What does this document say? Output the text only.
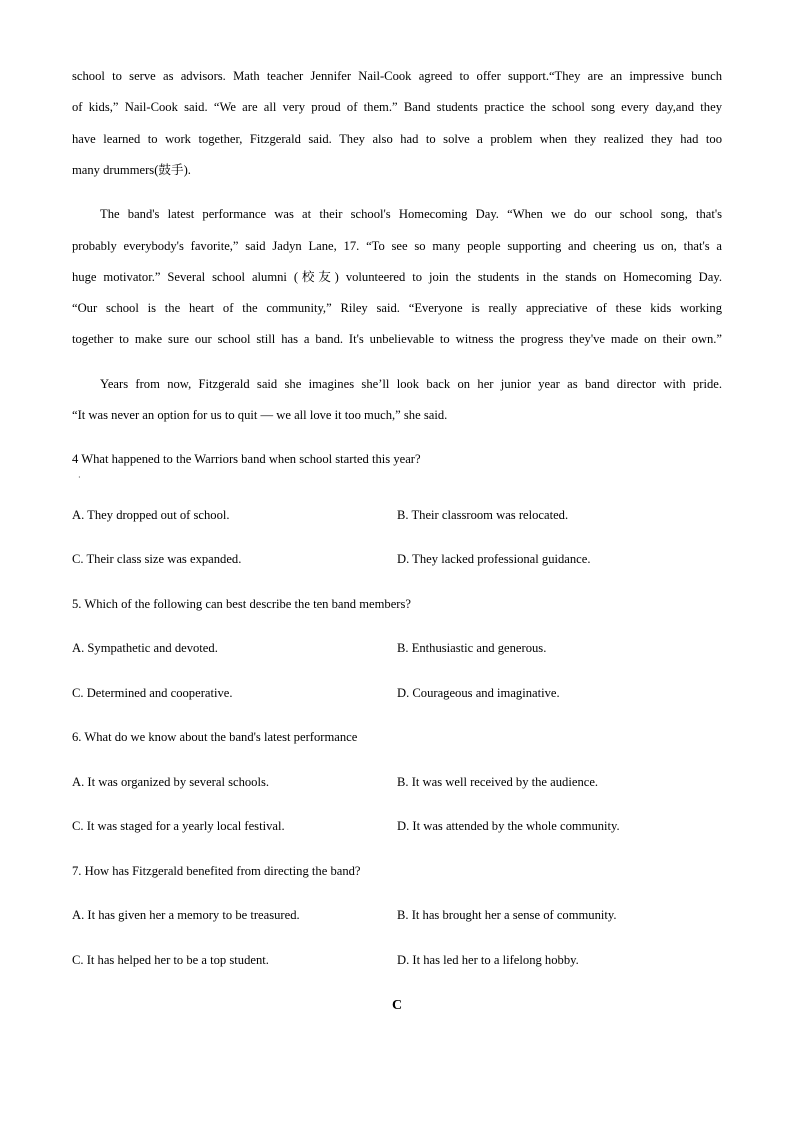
school to serve as advisors. Math teacher Jennifer Nail-Cook agreed to offer support.“They are an impressive bunch
of kids,” Nail-Cook said. “We are all very proud of them.” Band students practice the school song every day,and they
have learned to work together, Fitzgerald said. They also had to solve a problem when they realized they had too
many drummers(鼓手).
The band's latest performance was at their school's Homecoming Day. “When we do our school song, that's
probably everybody's favorite,” said Jadyn Lane, 17. “To see so many people supporting and cheering us on, that's a
huge motivator.” Several school alumni (校友) volunteered to join the students in the stands on Homecoming Day.
“Our school is the heart of the community,” Riley said. “Everyone is really appreciative of these kids working
together to make sure our school still has a band. It's unbelievable to witness the progress they've made on their own.”
Years from now, Fitzgerald said she imagines she’ll look back on her junior year as band director with pride.
“It was never an option for us to quit — we all love it too much,” she said.
4 What happened to the Warriors band when school started this year?
·
A. They dropped out of school.	B. Their classroom was relocated.
C. Their class size was expanded.	D. They lacked professional guidance.
5. Which of the following can best describe the ten band members?
A. Sympathetic and devoted.	B. Enthusiastic and generous.
C. Determined and cooperative.	D. Courageous and imaginative.
6. What do we know about the band's latest performance
A. It was organized by several schools.	B. It was well received by the audience.
C. It was staged for a yearly local festival.	D. It was attended by the whole community.
7. How has Fitzgerald benefited from directing the band?
A. It has given her a memory to be treasured.	B. It has brought her a sense of community.
C. It has helped her to be a top student.	D. It has led her to a lifelong hobby.
C
